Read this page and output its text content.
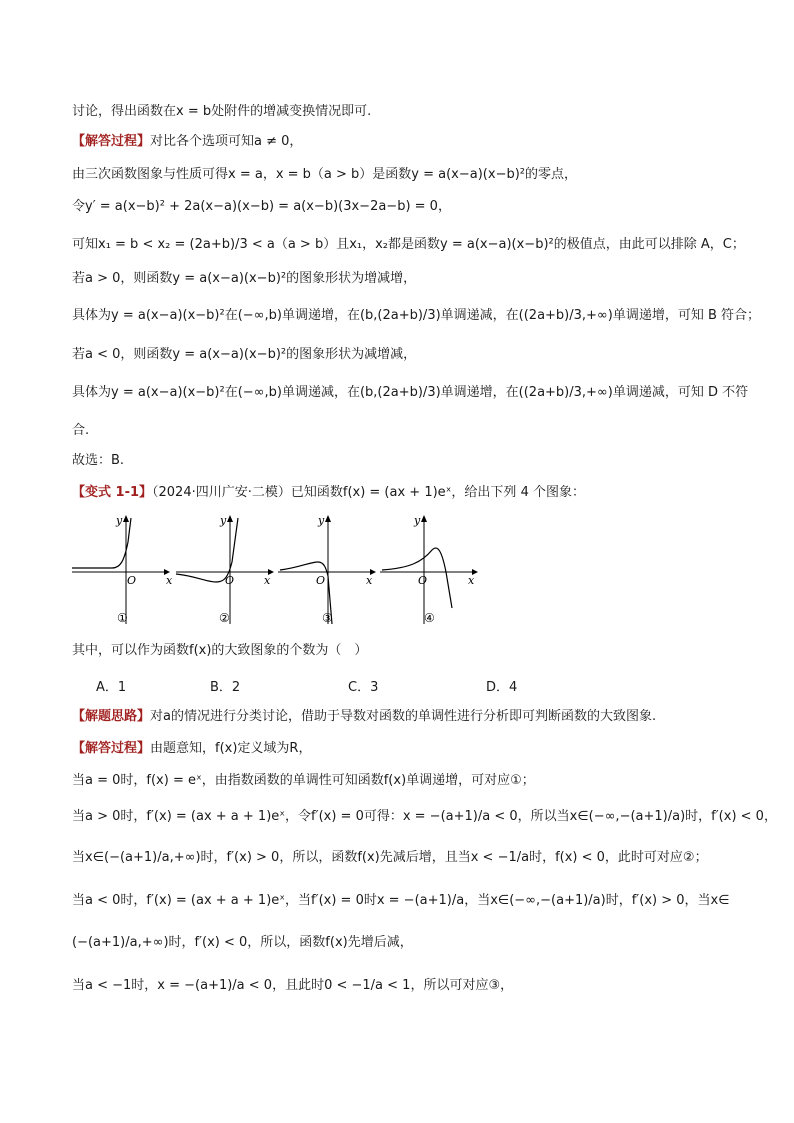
讨论，得出函数在x = b处附件的增减变换情况即可.
【解答过程】对比各个选项可知a ≠ 0，
由三次函数图象与性质可得x = a，x = b（a > b）是函数y = a(x−a)(x−b)²的零点，
令y′ = a(x−b)² + 2a(x−a)(x−b) = a(x−b)(3x−2a−b) = 0，
可知x₁ = b < x₂ = (2a+b)/3 < a（a > b）且x₁，x₂都是函数y = a(x−a)(x−b)²的极值点，由此可以排除 A，C；
若a > 0，则函数y = a(x−a)(x−b)²的图象形状为增减增，
具体为y = a(x−a)(x−b)²在(−∞,b)单调递增，在(b,(2a+b)/3)单调递减，在((2a+b)/3,+∞)单调递增，可知 B 符合；
若a < 0，则函数y = a(x−a)(x−b)²的图象形状为减增减，
具体为y = a(x−a)(x−b)²在(−∞,b)单调递减，在(b,(2a+b)/3)单调递增，在((2a+b)/3,+∞)单调递减，可知 D 不符
合.
故选：B.
【变式 1-1】（2024·四川广安·二模）已知函数f(x) = (ax + 1)eˣ，给出下列 4 个图象：
y
x
O
①
y
x
O
②
y
x
O
③
y
x
O
④
其中，可以作为函数f(x)的大致图象的个数为（　）
A．1	B．2	C．3	D．4
【解题思路】对a的情况进行分类讨论，借助于导数对函数的单调性进行分析即可判断函数的大致图象.
【解答过程】由题意知，f(x)定义域为R，
当a = 0时，f(x) = eˣ，由指数函数的单调性可知函数f(x)单调递增，可对应①；
当a > 0时，f′(x) = (ax + a + 1)eˣ，令f′(x) = 0可得：x = −(a+1)/a < 0，所以当x∈(−∞,−(a+1)/a)时，f′(x) < 0，
当x∈(−(a+1)/a,+∞)时，f′(x) > 0，所以，函数f(x)先减后增，且当x < −1/a时，f(x) < 0，此时可对应②；
当a < 0时，f′(x) = (ax + a + 1)eˣ，当f′(x) = 0时x = −(a+1)/a，当x∈(−∞,−(a+1)/a)时，f′(x) > 0，当x∈
(−(a+1)/a,+∞)时，f′(x) < 0，所以，函数f(x)先增后减，
当a < −1时，x = −(a+1)/a < 0，且此时0 < −1/a < 1，所以可对应③，
